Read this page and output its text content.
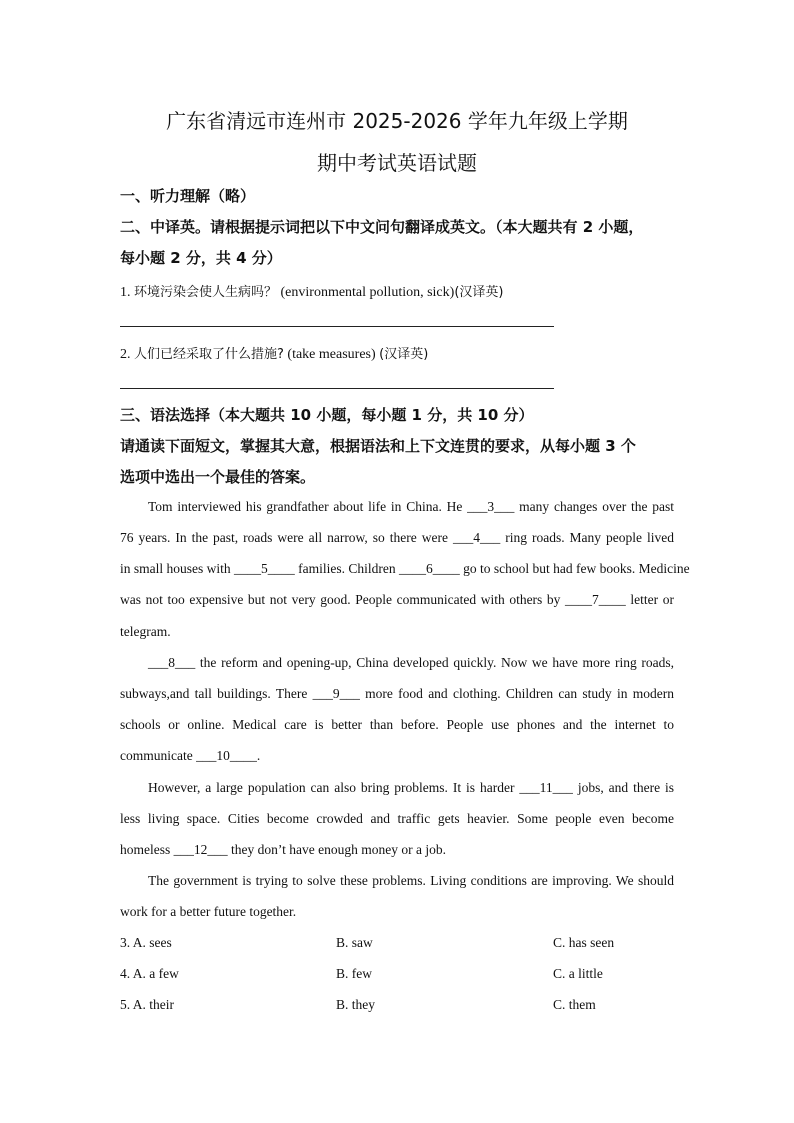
广东省清远市连州市 2025-2026 学年九年级上学期
期中考试英语试题
一、听力理解（略）
二、中译英。请根据提示词把以下中文问句翻译成英文。（本大题共有 2 小题，
每小题 2 分，共 4 分）
1. 环境污染会使人生病吗？ (environmental pollution, sick)(汉译英)
2. 人们已经采取了什么措施? (take measures) (汉译英)
三、语法选择（本大题共 10 小题，每小题 1 分，共 10 分）
请通读下面短文，掌握其大意，根据语法和上下文连贯的要求，从每小题 3 个
选项中选出一个最佳的答案。
Tom interviewed his grandfather about life in China. He ___3___ many changes over the past
76 years. In the past, roads were all narrow, so there were ___4___ ring roads. Many people lived
in small houses with ____5____ families. Children ____6____ go to school but had few books. Medicine
was not too expensive but not very good. People communicated with others by ____7____ letter or
telegram.
___8___ the reform and opening-up, China developed quickly. Now we have more ring roads,
subways,and tall buildings. There ___9___ more food and clothing. Children can study in modern
schools or online. Medical care is better than before. People use phones and the internet to
communicate ___10____.
However, a large population can also bring problems. It is harder ___11___ jobs, and there is
less living space. Cities become crowded and traffic gets heavier. Some people even become
homeless ___12___ they don’t have enough money or a job.
The government is trying to solve these problems. Living conditions are improving. We should
work for a better future together.
3. A. sees	B. saw	C. has seen
4. A. a few	B. few	C. a little
5. A. their	B. they	C. them
